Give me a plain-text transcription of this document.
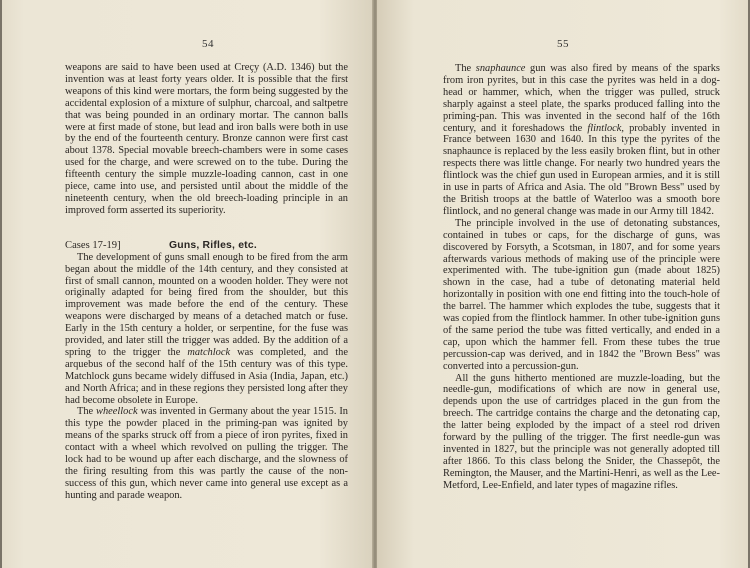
54

weapons are said to have been used at Creçy (A.D. 1346) but the invention was at least forty years older. It is possible that the first weapons of this kind were mortars, the form being suggested by the accidental explosion of a mixture of sulphur, charcoal, and saltpetre that was being pounded in an ordinary mortar. The cannon balls were at first made of stone, but lead and iron balls were both in use by the end of the fourteenth century. Bronze cannon were first cast about 1378. Special movable breech-chambers were in some cases used for the charge, and were screwed on to the tube. During the fifteenth century the simple muzzle-loading cannon, cast in one piece, came into use, and persisted until about the middle of the nineteenth century, when the old breech-loading principle in an improved form asserted its superiority.

Cases 17-19]	Guns, Rifles, etc.

The development of guns small enough to be fired from the arm began about the middle of the 14th century, and they consisted at first of small cannon, mounted on a wooden holder. They were not originally adapted for being fired from the shoulder, but this improvement was made before the end of the century. These weapons were discharged by means of a detached match or fuse. Early in the 15th century a holder, or serpentine, for the fuse was provided, and later still the trigger was added. By the addition of a spring to the trigger the matchlock was completed, and the arquebus of the second half of the 15th century was of this type. Matchlock guns became widely diffused in Asia (India, Japan, etc.) and North Africa; and in these regions they persisted long after they had become obsolete in Europe.

The wheellock was invented in Germany about the year 1515. In this type the powder placed in the priming-pan was ignited by means of the sparks struck off from a piece of iron pyrites, fixed in contact with a wheel which revolved on pulling the trigger. The lock had to be wound up after each discharge, and the slowness of the firing resulting from this was partly the cause of the non-success of this gun, which never came into general use except as a hunting and parade weapon.

55

The snaphaunce gun was also fired by means of the sparks from iron pyrites, but in this case the pyrites was held in a dog-head or hammer, which, when the trigger was pulled, struck sharply against a steel plate, the sparks produced falling into the priming-pan. This was invented in the second half of the 16th century, and it foreshadows the flintlock, probably invented in France between 1630 and 1640. In this type the pyrites of the snaphaunce is replaced by the less easily broken flint, but in other respects there was little change. For nearly two hundred years the flintlock was the chief gun used in European armies, and it is still in use in parts of Africa and Asia. The old "Brown Bess" used by the British troops at the battle of Waterloo was a smooth bore flintlock, and no general change was made in our Army till 1842.

The principle involved in the use of detonating substances, contained in tubes or caps, for the discharge of guns, was discovered by Forsyth, a Scotsman, in 1807, and for some years afterwards various methods of making use of the principle were experimented with. The tube-ignition gun (made about 1825) shown in the case, had a tube of detonating material held horizontally in position with one end fitting into the touch-hole of the barrel. The hammer which explodes the tube, suggests that it was copied from the flintlock hammer. In other tube-ignition guns of the same period the tube was fitted vertically, and ended in a cap, upon which the hammer fell. From these tubes the true percussion-cap was derived, and in 1842 the "Brown Bess" was converted into a percussion-gun.

All the guns hitherto mentioned are muzzle-loading, but the needle-gun, modifications of which are now in general use, depends upon the use of cartridges placed in the gun from the breech. The cartridge contains the charge and the detonating cap, the latter being exploded by the impact of a steel rod driven forward by the pulling of the trigger. The first needle-gun was invented in 1827, but the principle was not generally adopted till after 1866. To this class belong the Snider, the Chassepôt, the Remington, the Mauser, and the Martini-Henri, as well as the Lee-Metford, Lee-Enfield, and later types of magazine rifles.
